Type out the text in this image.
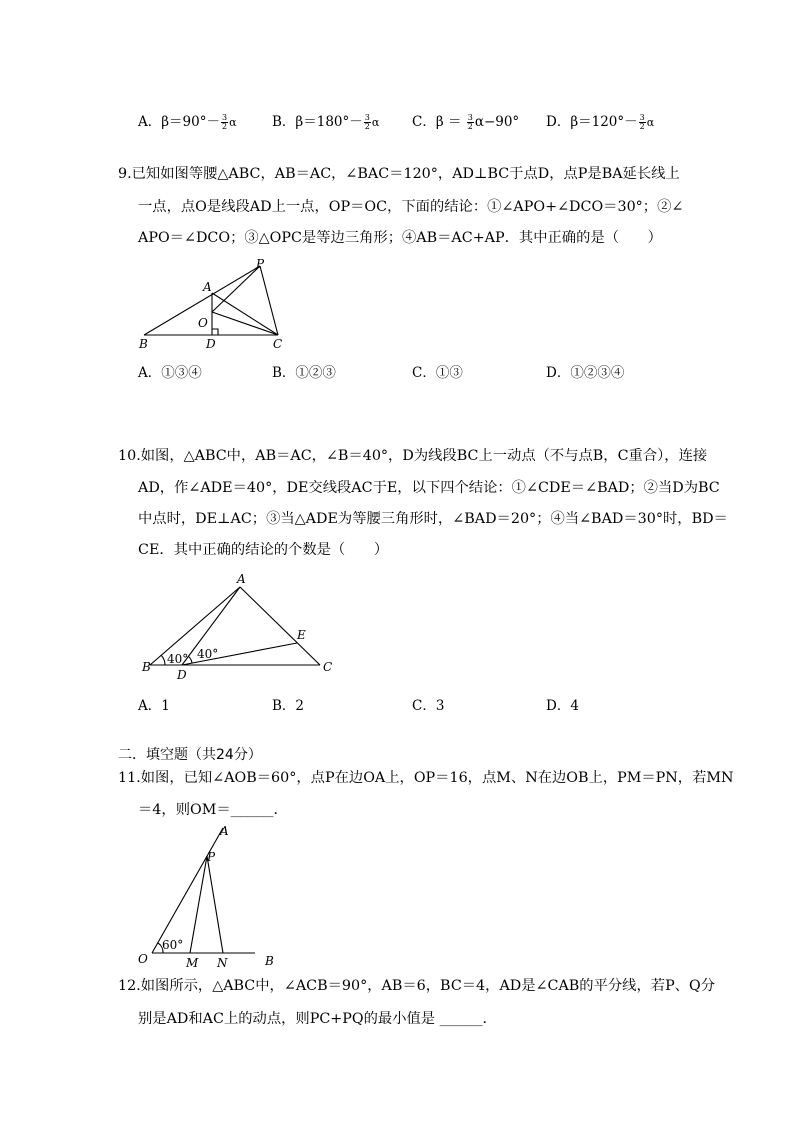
A．$\beta=90^\circ- \frac{3}{2}$ α	B．$\beta=180^\circ- \frac{3}{2}$ α C．$\beta = \frac{3}{2} \alpha-90^\circ$ D．$\beta=120^\circ- \frac{3}{2}$ α
9.已知如图等腰△ABC，AB＝AC，∠BAC＝120°，AD⊥BC于点D，点P是BA延长线上
一点，点O是线段AD上一点，OP＝OC，下面的结论：①∠APO+∠DCO＝30°；②∠
APO＝∠DCO；③△OPC是等边三角形；④AB＝AC+AP．其中正确的是（　　）
P
A
O
B	D	C
A．①③④	B．①②③	C．①③	D．①②③④
10.如图，△ABC中，AB＝AC，∠B＝40°，D为线段BC上一动点（不与点B，C重合），连接
AD，作∠ADE＝40°，DE交线段AC于E，以下四个结论：①∠CDE＝∠BAD；②当D为BC
中点时，DE⊥AC；③当△ADE为等腰三角形时，∠BAD＝20°；④当∠BAD＝30°时，BD＝
CE．其中正确的结论的个数是（　　）
A
E
B
D
C
40° 40°
A．1	B．2	C．3	D．4
二．填空题（共24分）
11.如图，已知∠AOB＝60°，点P在边OA上，OP＝16，点M、N在边OB上，PM＝PN，若MN
＝4，则OM＝______．
A
P
O	M N	B
60°
12.如图所示，△ABC中，∠ACB＝90°，AB＝6，BC＝4，AD是∠CAB的平分线，若P、Q分
别是AD和AC上的动点，则PC+PQ的最小值是 ______．
